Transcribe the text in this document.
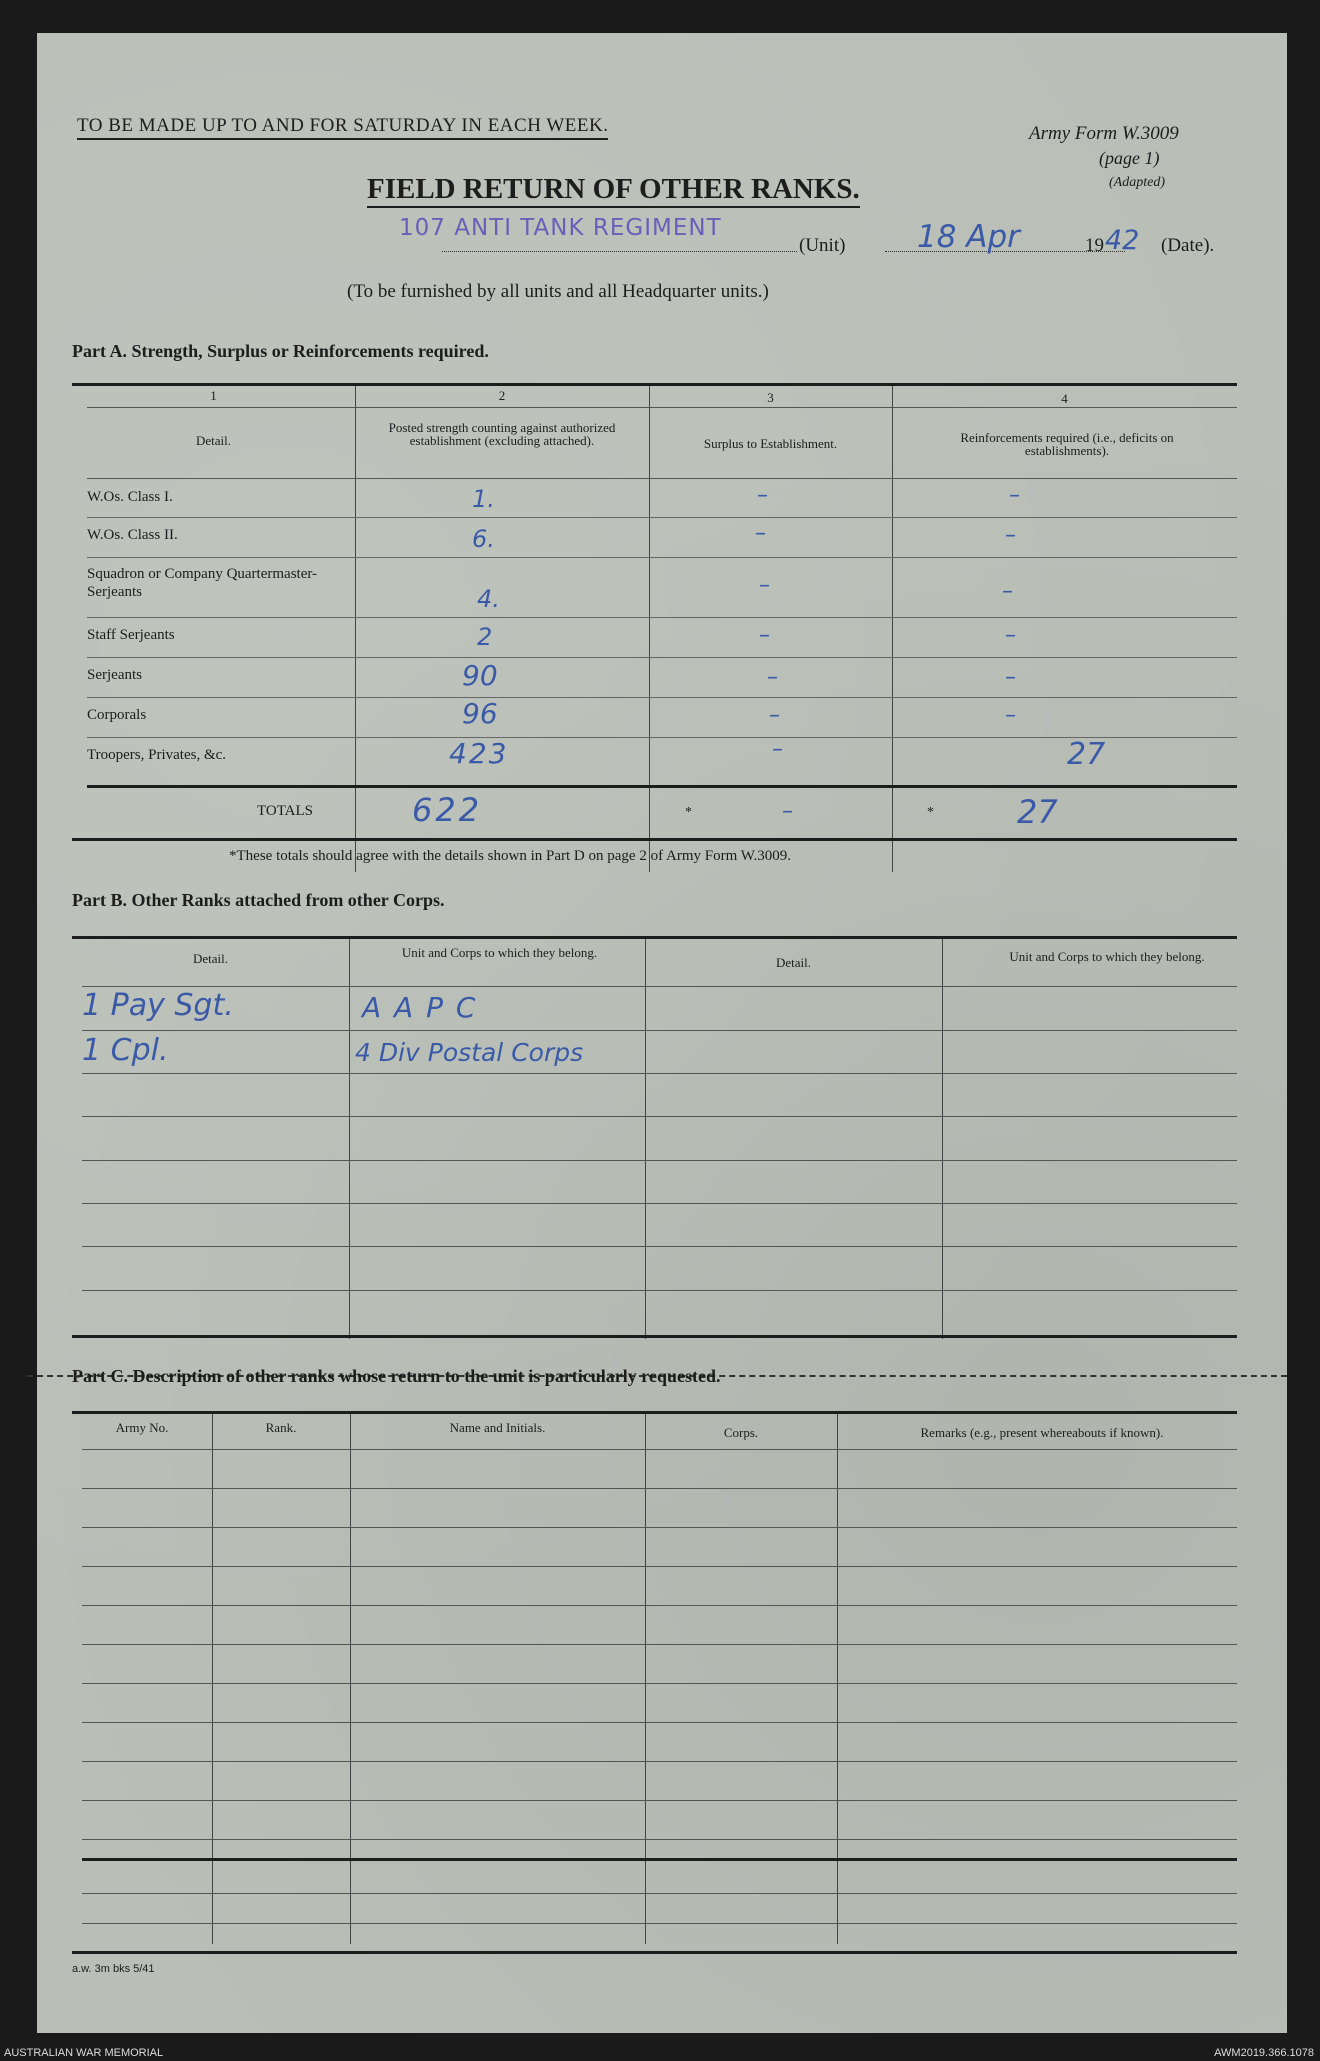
TO BE MADE UP TO AND FOR SATURDAY IN EACH WEEK.	Army Form W.3009
(page 1)
(Adapted)
FIELD RETURN OF OTHER RANKS.
107 ANTI TANK REGIMENT
(Unit) 18 Apr	19 42 (Date).
(To be furnished by all units and all Headquarter units.)
Part A. Strength, Surplus or Reinforcements required.
1	2	3	4
Detail.
Posted strength counting against authorized establishment (excluding attached).	Surplus to Establishment.	Reinforcements required (i.e., deficits on establishments).
W.Os. Class I.	1.	–	–
W.Os. Class II.	6.	–	–
Squadron or Company Quartermaster-Serjeants	4.	–	–
Staff Serjeants	2	–	–
Serjeants	90	–	–
Corporals	96	–	–
Troopers, Privates, &c.	423	–	27
TOTALS	622	*	–	*	27
*These totals should agree with the details shown in Part D on page 2 of Army Form W.3009.
Part B. Other Ranks attached from other Corps.
Detail.	Unit and Corps to which they belong.
Detail.	Unit and Corps to which they belong.
1 Pay Sgt.	A A P C
1 Cpl.	4 Div Postal Corps
Part C. Description of other ranks whose return to the unit is particularly requested.
Army No.	Rank.	Name and Initials.	Corps.	Remarks (e.g., present whereabouts if known).
a.w. 3m bks 5/41
AUSTRALIAN WAR MEMORIAL	AWM2019.366.1078
